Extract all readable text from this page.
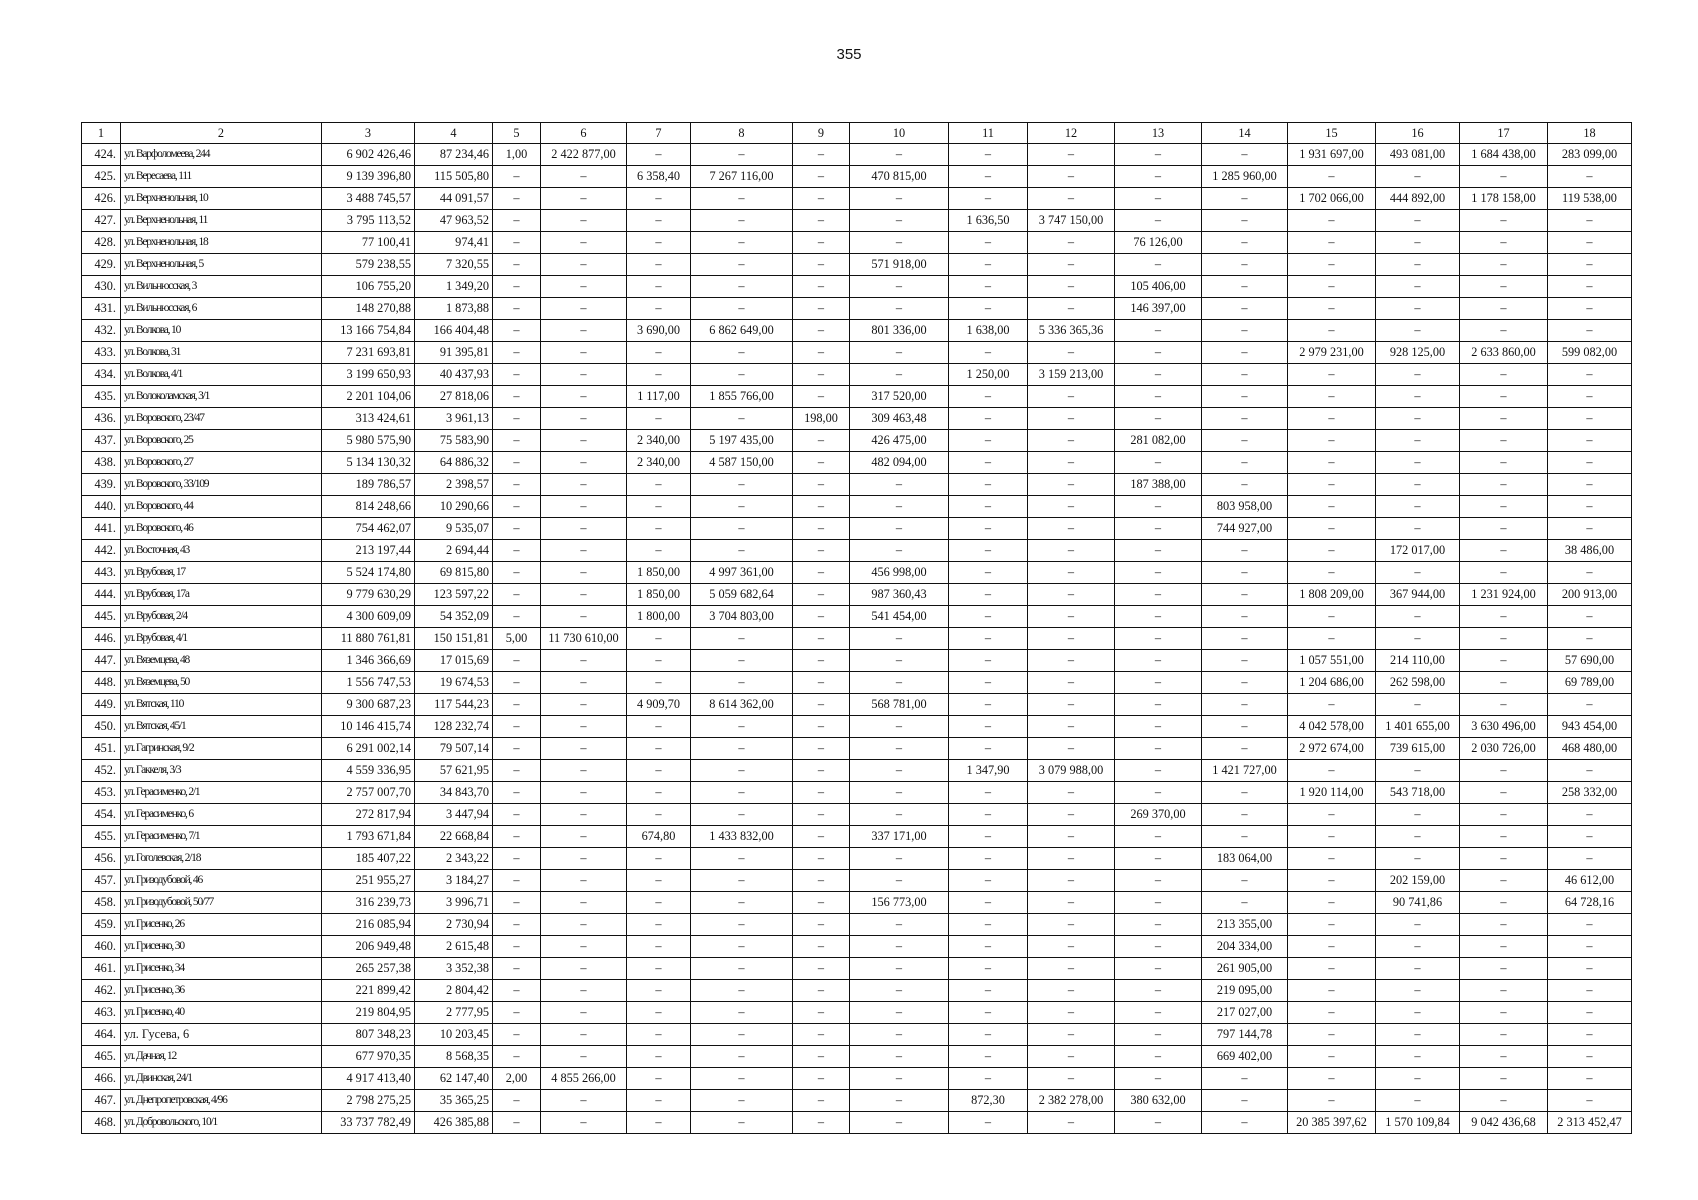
355
1	2	3	4	5	6	7	8	9	10	11	12	13	14	15	16	17	18
424.	ул. Варфоломеева, 244	6 902 426,46	87 234,46	1,00	2 422 877,00	–	–	–	–	–	–	–	–	1 931 697,00	493 081,00	1 684 438,00	283 099,00
425.	ул. Вересаева, 111	9 139 396,80	115 505,80	–	–	6 358,40	7 267 116,00	–	470 815,00	–	–	–	1 285 960,00	–	–	–	–
426.	ул. Верхненольная, 10	3 488 745,57	44 091,57	–	–	–	–	–	–	–	–	–	–	1 702 066,00	444 892,00	1 178 158,00	119 538,00
427.	ул. Верхненольная, 11	3 795 113,52	47 963,52	–	–	–	–	–	–	1 636,50	3 747 150,00	–	–	–	–	–	–
428.	ул. Верхненольная, 18	77 100,41	974,41	–	–	–	–	–	–	–	–	76 126,00	–	–	–	–	–
429.	ул. Верхненольная, 5	579 238,55	7 320,55	–	–	–	–	–	571 918,00	–	–	–	–	–	–	–	–
430.	ул. Вильнюсская, 3	106 755,20	1 349,20	–	–	–	–	–	–	–	–	105 406,00	–	–	–	–	–
431.	ул. Вильнюсская, 6	148 270,88	1 873,88	–	–	–	–	–	–	–	–	146 397,00	–	–	–	–	–
432.	ул. Волкова, 10	13 166 754,84	166 404,48	–	–	3 690,00	6 862 649,00	–	801 336,00	1 638,00	5 336 365,36	–	–	–	–	–	–
433.	ул. Волкова, 31	7 231 693,81	91 395,81	–	–	–	–	–	–	–	–	–	–	2 979 231,00	928 125,00	2 633 860,00	599 082,00
434.	ул. Волкова, 4/1	3 199 650,93	40 437,93	–	–	–	–	–	–	1 250,00	3 159 213,00	–	–	–	–	–	–
435.	ул. Волоколамская, 3/1	2 201 104,06	27 818,06	–	–	1 117,00	1 855 766,00	–	317 520,00	–	–	–	–	–	–	–	–
436.	ул. Воровского, 23/47	313 424,61	3 961,13	–	–	–	–	198,00	309 463,48	–	–	–	–	–	–	–	–
437.	ул. Воровского, 25	5 980 575,90	75 583,90	–	–	2 340,00	5 197 435,00	–	426 475,00	–	–	281 082,00	–	–	–	–	–
438.	ул. Воровского, 27	5 134 130,32	64 886,32	–	–	2 340,00	4 587 150,00	–	482 094,00	–	–	–	–	–	–	–	–
439.	ул. Воровского, 33/109	189 786,57	2 398,57	–	–	–	–	–	–	–	–	187 388,00	–	–	–	–	–
440.	ул. Воровского, 44	814 248,66	10 290,66	–	–	–	–	–	–	–	–	–	803 958,00	–	–	–	–
441.	ул. Воровского, 46	754 462,07	9 535,07	–	–	–	–	–	–	–	–	–	744 927,00	–	–	–	–
442.	ул. Восточная, 43	213 197,44	2 694,44	–	–	–	–	–	–	–	–	–	–	–	172 017,00	–	38 486,00
443.	ул. Врубовая, 17	5 524 174,80	69 815,80	–	–	1 850,00	4 997 361,00	–	456 998,00	–	–	–	–	–	–	–	–
444.	ул. Врубовая, 17а	9 779 630,29	123 597,22	–	–	1 850,00	5 059 682,64	–	987 360,43	–	–	–	–	1 808 209,00	367 944,00	1 231 924,00	200 913,00
445.	ул. Врубовая, 2/4	4 300 609,09	54 352,09	–	–	1 800,00	3 704 803,00	–	541 454,00	–	–	–	–	–	–	–	–
446.	ул. Врубовая, 4/1	11 880 761,81	150 151,81	5,00	11 730 610,00	–	–	–	–	–	–	–	–	–	–	–	–
447.	ул. Вяземцева, 48	1 346 366,69	17 015,69	–	–	–	–	–	–	–	–	–	–	1 057 551,00	214 110,00	–	57 690,00
448.	ул. Вяземцева, 50	1 556 747,53	19 674,53	–	–	–	–	–	–	–	–	–	–	1 204 686,00	262 598,00	–	69 789,00
449.	ул. Вятская, 110	9 300 687,23	117 544,23	–	–	4 909,70	8 614 362,00	–	568 781,00	–	–	–	–	–	–	–	–
450.	ул. Вятская, 45/1	10 146 415,74	128 232,74	–	–	–	–	–	–	–	–	–	–	4 042 578,00	1 401 655,00	3 630 496,00	943 454,00
451.	ул. Гагринская, 9/2	6 291 002,14	79 507,14	–	–	–	–	–	–	–	–	–	–	2 972 674,00	739 615,00	2 030 726,00	468 480,00
452.	ул. Гаккеля, 3/3	4 559 336,95	57 621,95	–	–	–	–	–	–	1 347,90	3 079 988,00	–	1 421 727,00	–	–	–	–
453.	ул. Герасименко, 2/1	2 757 007,70	34 843,70	–	–	–	–	–	–	–	–	–	–	1 920 114,00	543 718,00	–	258 332,00
454.	ул. Герасименко, 6	272 817,94	3 447,94	–	–	–	–	–	–	–	–	269 370,00	–	–	–	–	–
455.	ул. Герасименко, 7/1	1 793 671,84	22 668,84	–	–	674,80	1 433 832,00	–	337 171,00	–	–	–	–	–	–	–	–
456.	ул. Гоголевская, 2/18	185 407,22	2 343,22	–	–	–	–	–	–	–	–	–	183 064,00	–	–	–	–
457.	ул. Гризодубовой, 46	251 955,27	3 184,27	–	–	–	–	–	–	–	–	–	–	–	202 159,00	–	46 612,00
458.	ул. Гризодубовой, 50/77	316 239,73	3 996,71	–	–	–	–	–	156 773,00	–	–	–	–	–	90 741,86	–	64 728,16
459.	ул. Грисенко, 26	216 085,94	2 730,94	–	–	–	–	–	–	–	–	–	213 355,00	–	–	–	–
460.	ул. Грисенко, 30	206 949,48	2 615,48	–	–	–	–	–	–	–	–	–	204 334,00	–	–	–	–
461.	ул. Грисенко, 34	265 257,38	3 352,38	–	–	–	–	–	–	–	–	–	261 905,00	–	–	–	–
462.	ул. Грисенко, 36	221 899,42	2 804,42	–	–	–	–	–	–	–	–	–	219 095,00	–	–	–	–
463.	ул. Грисенко, 40	219 804,95	2 777,95	–	–	–	–	–	–	–	–	–	217 027,00	–	–	–	–
464.	ул. Гусева, 6	807 348,23	10 203,45	–	–	–	–	–	–	–	–	–	797 144,78	–	–	–	–
465.	ул. Дачная, 12	677 970,35	8 568,35	–	–	–	–	–	–	–	–	–	669 402,00	–	–	–	–
466.	ул. Двинская, 24/1	4 917 413,40	62 147,40	2,00	4 855 266,00	–	–	–	–	–	–	–	–	–	–	–	–
467.	ул. Днепропетровская, 4/96	2 798 275,25	35 365,25	–	–	–	–	–	–	872,30	2 382 278,00	380 632,00	–	–	–	–	–
468.	ул. Добровольского, 10/1	33 737 782,49	426 385,88	–	–	–	–	–	–	–	–	–	–	20 385 397,62	1 570 109,84	9 042 436,68	2 313 452,47
